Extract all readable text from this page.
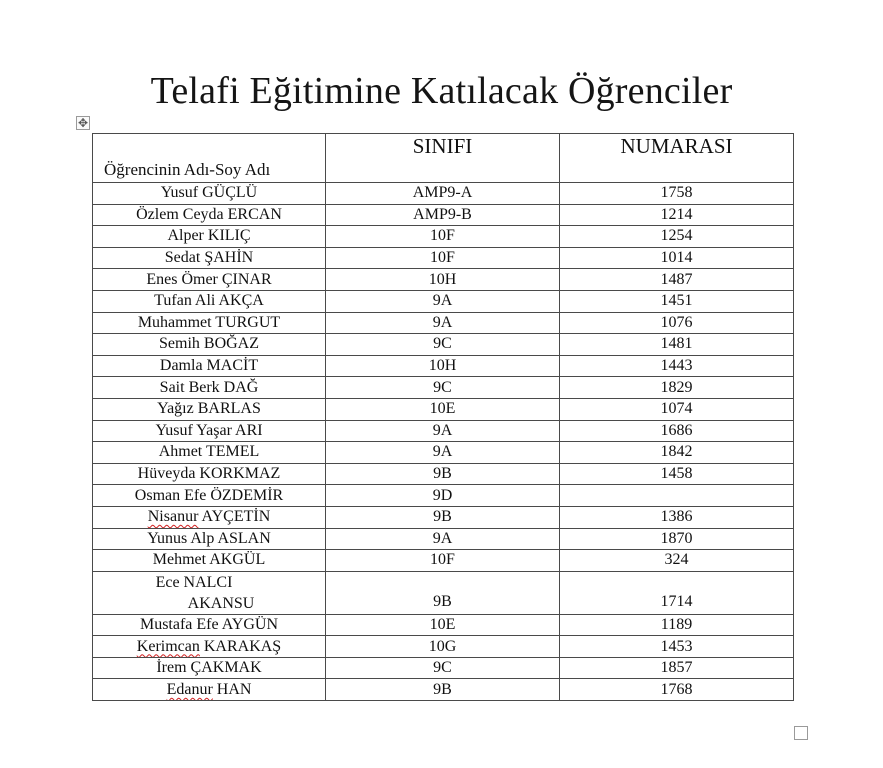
Telafi Eğitimine Katılacak Öğrenciler
✥
Öğrencinin Adı-Soy Adı	SINIFI	NUMARASI

Yusuf GÜÇLÜ	AMP9-A	1758
Özlem Ceyda ERCAN	AMP9-B	1214
Alper KILIÇ	10F	1254
Sedat ŞAHİN	10F	1014
Enes Ömer ÇINAR	10H	1487
Tufan Ali AKÇA	9A	1451
Muhammet TURGUT	9A	1076
Semih BOĞAZ	9C	1481
Damla MACİT	10H	1443
Sait Berk DAĞ	9C	1829
Yağız BARLAS	10E	1074
Yusuf Yaşar ARI	9A	1686
Ahmet TEMEL	9A	1842
Hüveyda KORKMAZ	9B	1458
Osman Efe ÖZDEMİR	9D	
Nisanur AYÇETİN	9B	1386
Yunus Alp ASLAN	9A	1870
Mehmet AKGÜL	10F	324

Ece NALCI
AKANSU	9B	1714
Mustafa Efe AYGÜN	10E	1189
Kerimcan KARAKAŞ	10G	1453
İrem ÇAKMAK	9C	1857
Edanur HAN	9B	1768
